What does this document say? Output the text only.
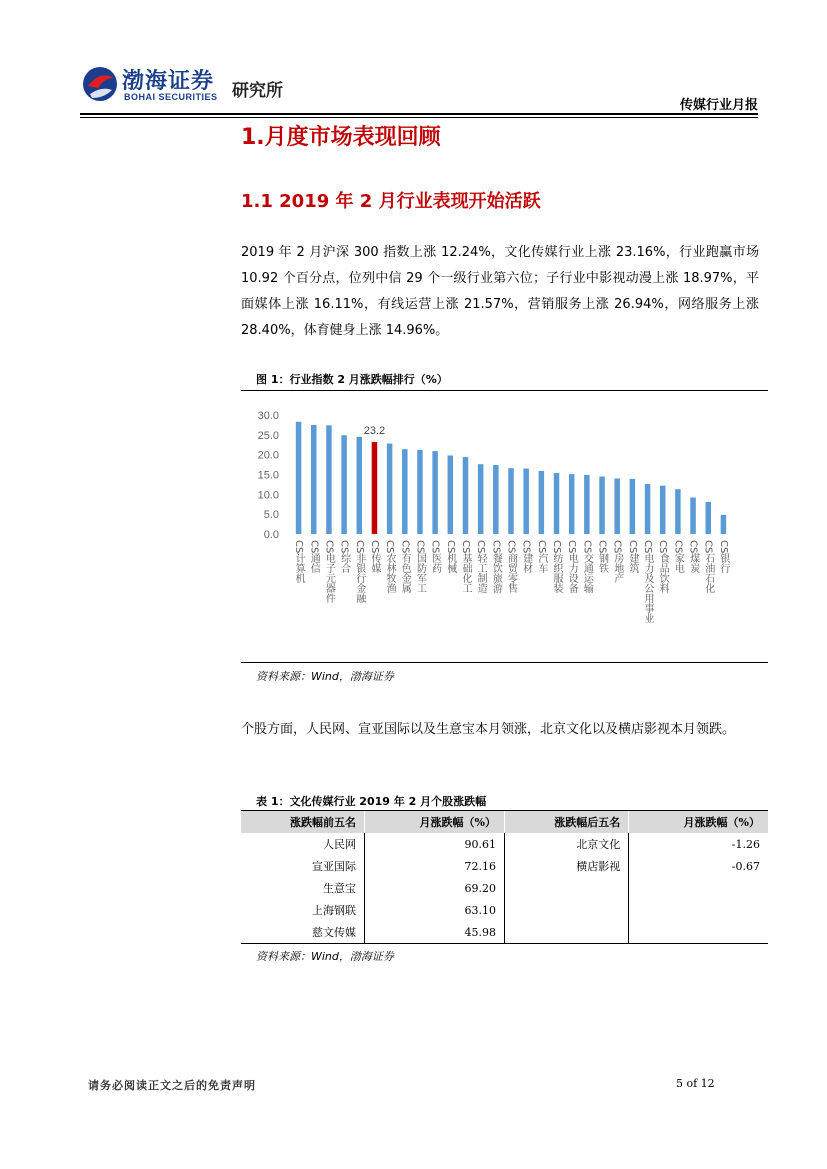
渤海证券
BOHAI SECURITIES 研究所
传媒行业月报
1.月度市场表现回顾
1.1 2019 年 2 月行业表现开始活跃
2019 年 2 月沪深 300 指数上涨 12.24%，文化传媒行业上涨 23.16%，行业跑赢市场 10.92 个百分点，位列中信 29 个一级行业第六位；子行业中影视动漫上涨 18.97%，平面媒体上涨 16.11%，有线运营上涨 21.57%，营销服务上涨 26.94%，网络服务上涨 28.40%，体育健身上涨 14.96%。
图 1：行业指数 2 月涨跌幅排行（%）
30.0
25.0
20.0
15.0
10.0
5.0
0.0
CS计算机 CS通信 CS电子元器件 CS综合 CS非银行金融 CS传媒
23.2
CS农林牧渔 CS有色金属 CS国防军工 CS医药 CS机械 CS基础化工 CS轻工制造 CS餐饮旅游 CS商贸零售 CS建材 CS汽车 CS纺织服装 CS电力设备 CS交通运输 CS钢铁 CS房地产 CS建筑 CS电力及公用事业 CS食品饮料 CS家电 CS煤炭 CS石油石化 CS银行
资料来源：Wind，渤海证券
个股方面，人民网、宣亚国际以及生意宝本月领涨，北京文化以及横店影视本月领跌。
表 1：文化传媒行业 2019 年 2 月个股涨跌幅
涨跌幅前五名	月涨跌幅（%）	涨跌幅后五名	月涨跌幅（%）
人民网	90.61	北京文化	-1.26
宣亚国际	72.16	横店影视	-0.67
生意宝	69.20		
上海钢联	63.10		
慈文传媒	45.98		
资料来源：Wind，渤海证券
请务必阅读正文之后的免责声明	5 of 12
